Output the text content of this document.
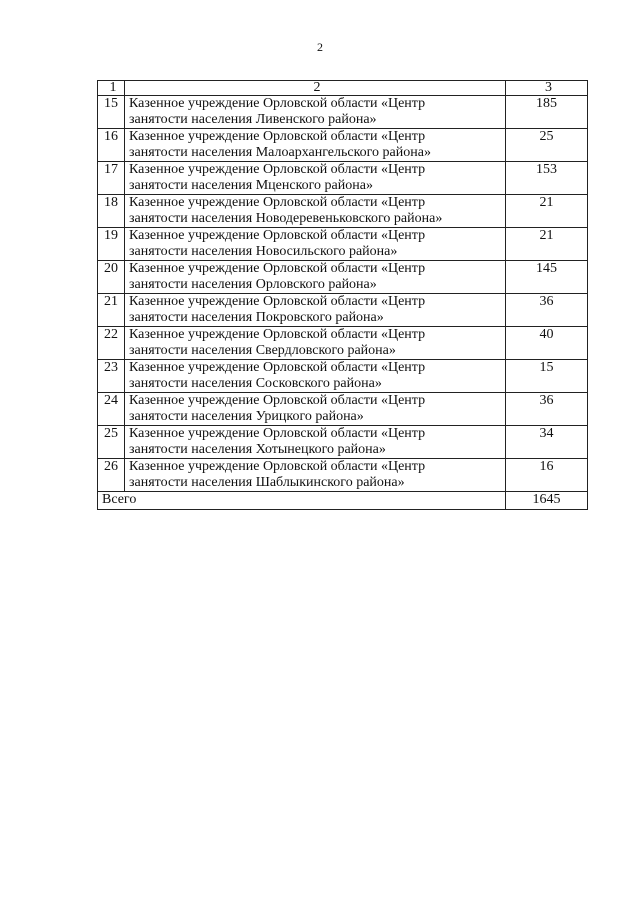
2
1	2	3
15	Казенное учреждение Орловской области «Центр
занятости населения Ливенского района»	185
16	Казенное учреждение Орловской области «Центр
занятости населения Малоархангельского района»	25
17	Казенное учреждение Орловской области «Центр
занятости населения Мценского района»	153
18	Казенное учреждение Орловской области «Центр
занятости населения Новодеревеньковского района»	21
19	Казенное учреждение Орловской области «Центр
занятости населения Новосильского района»	21
20	Казенное учреждение Орловской области «Центр
занятости населения Орловского района»	145
21	Казенное учреждение Орловской области «Центр
занятости населения Покровского района»	36
22	Казенное учреждение Орловской области «Центр
занятости населения Свердловского района»	40
23	Казенное учреждение Орловской области «Центр
занятости населения Сосковского района»	15
24	Казенное учреждение Орловской области «Центр
занятости населения Урицкого района»	36
25	Казенное учреждение Орловской области «Центр
занятости населения Хотынецкого района»	34
26	Казенное учреждение Орловской области «Центр
занятости населения Шаблыкинского района»	16
Всего		1645
